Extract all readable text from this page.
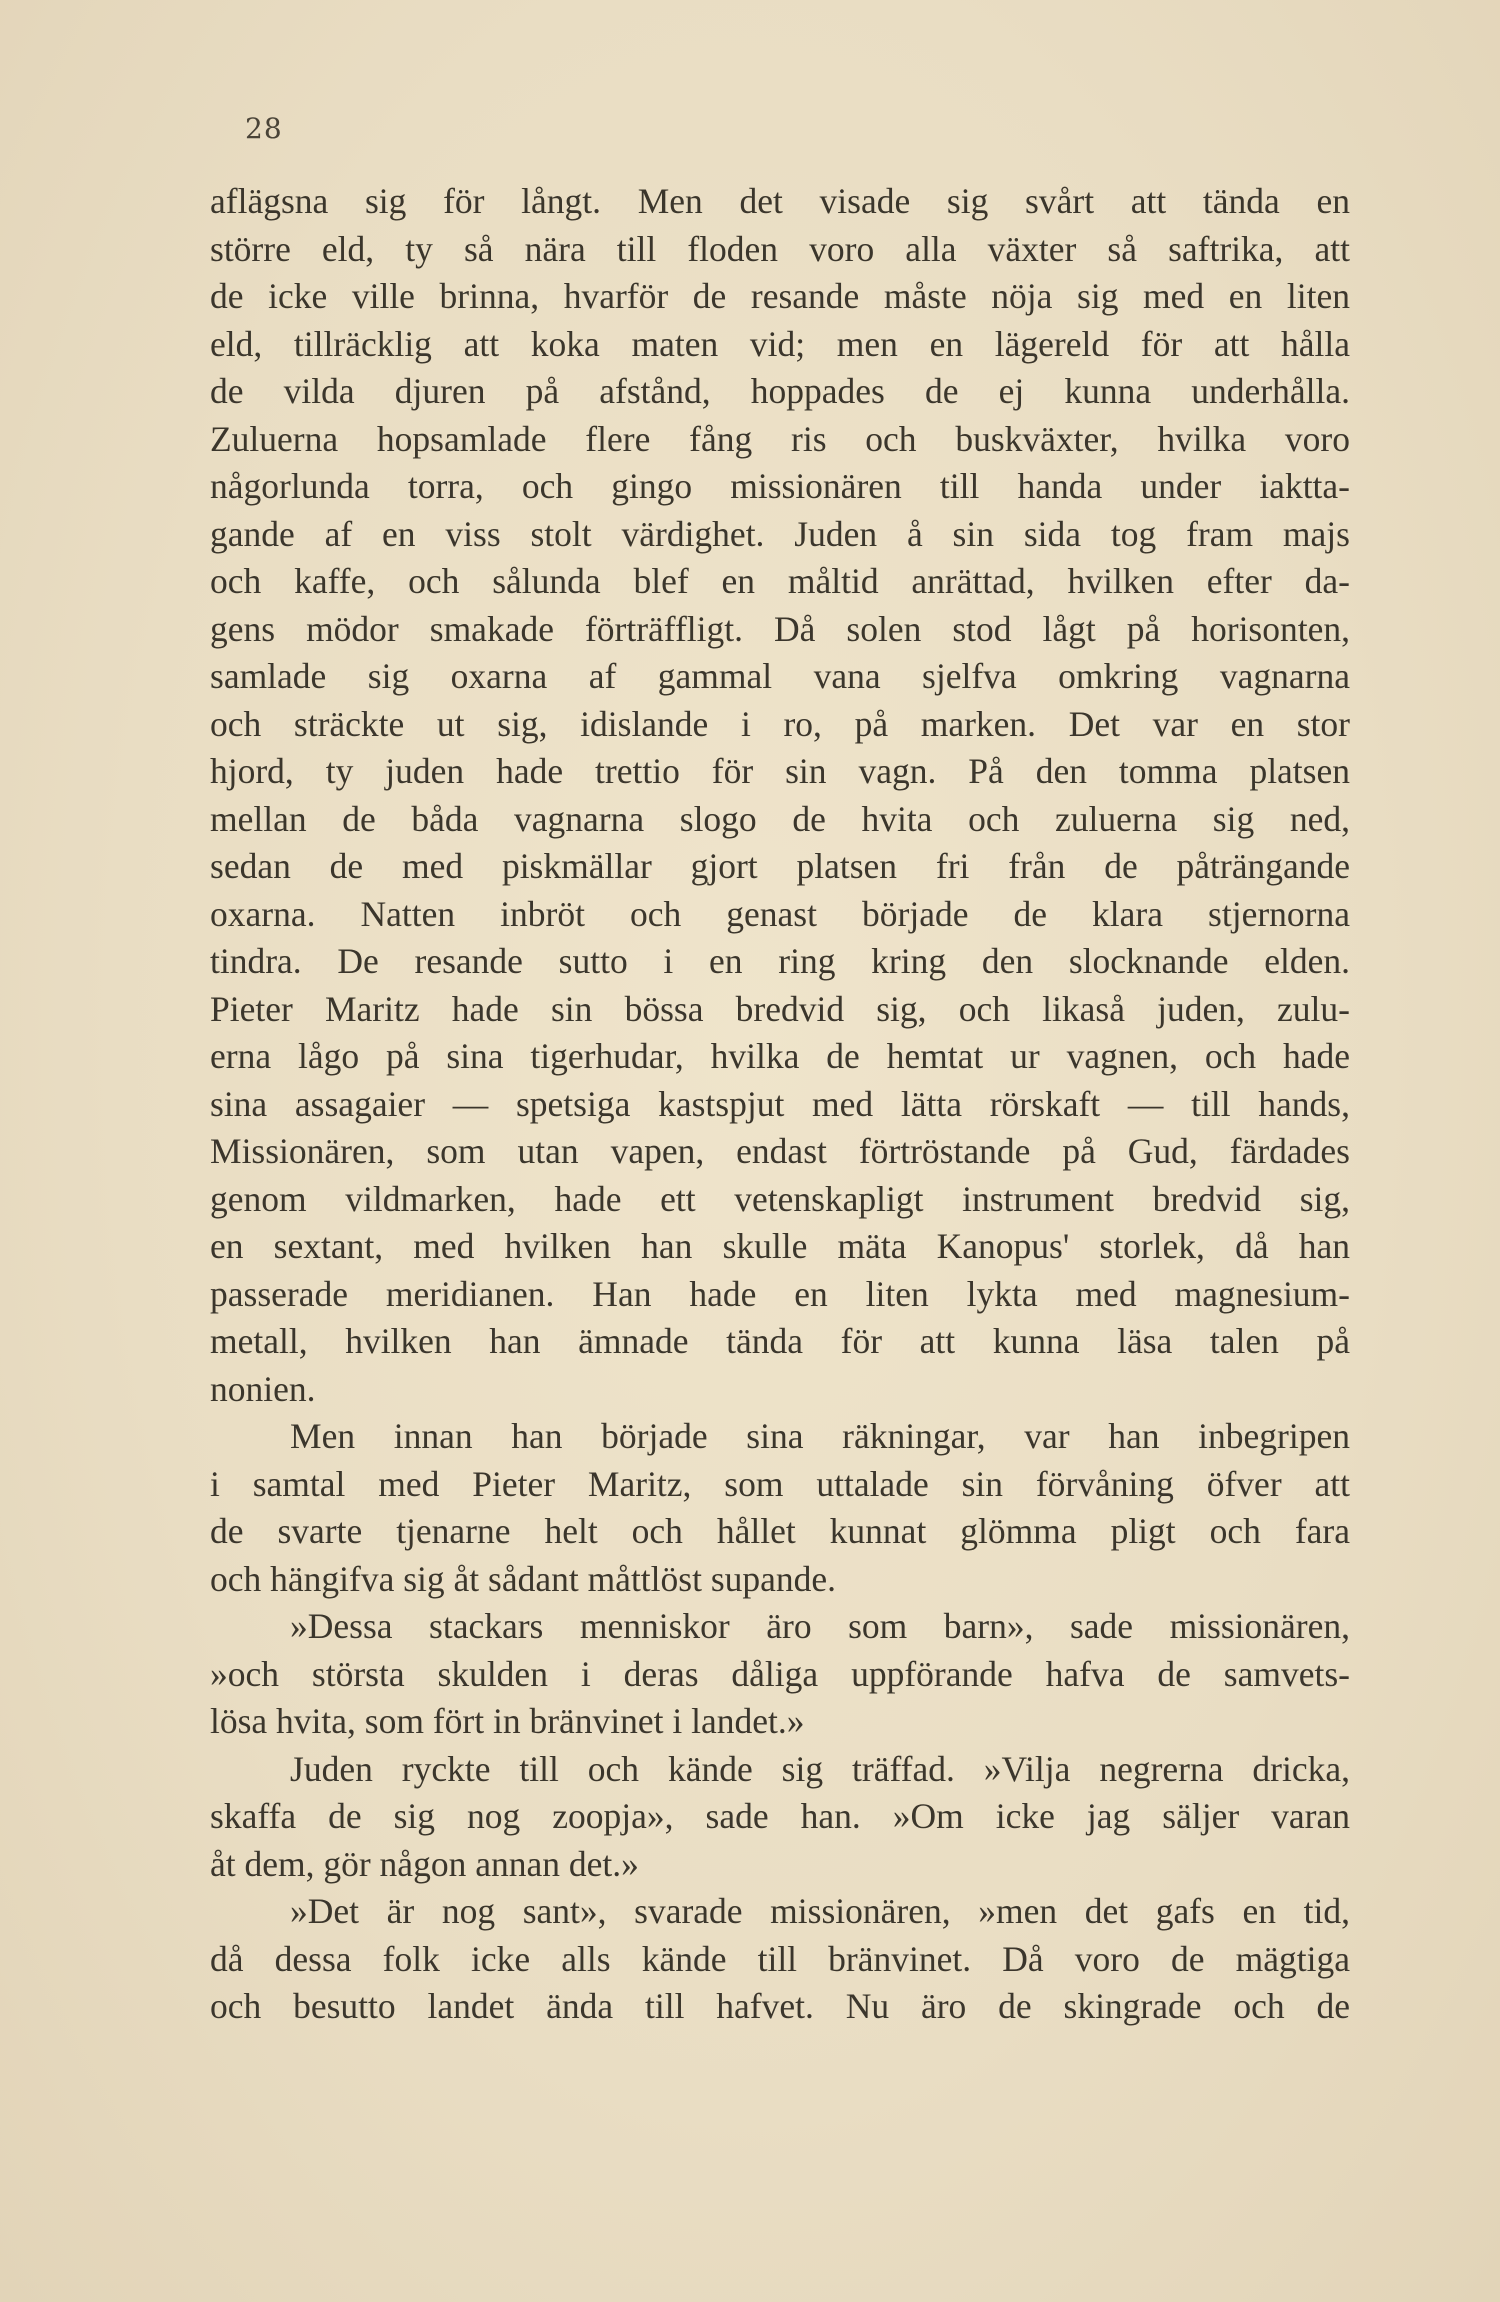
28
aflägsna sig för långt. Men det visade sig svårt att tända en
större eld, ty så nära till floden voro alla växter så saftrika, att
de icke ville brinna, hvarför de resande måste nöja sig med en liten
eld, tillräcklig att koka maten vid; men en lägereld för att hålla
de vilda djuren på afstånd, hoppades de ej kunna underhålla.
Zuluerna hopsamlade flere fång ris och buskväxter, hvilka voro
någorlunda torra, och gingo missionären till handa under iaktta-
gande af en viss stolt värdighet. Juden å sin sida tog fram majs
och kaffe, och sålunda blef en måltid anrättad, hvilken efter da-
gens mödor smakade förträffligt. Då solen stod lågt på horisonten,
samlade sig oxarna af gammal vana sjelfva omkring vagnarna
och sträckte ut sig, idislande i ro, på marken. Det var en stor
hjord, ty juden hade trettio för sin vagn. På den tomma platsen
mellan de båda vagnarna slogo de hvita och zuluerna sig ned,
sedan de med piskmällar gjort platsen fri från de påträngande
oxarna. Natten inbröt och genast började de klara stjernorna
tindra. De resande sutto i en ring kring den slocknande elden.
Pieter Maritz hade sin bössa bredvid sig, och likaså juden, zulu-
erna lågo på sina tigerhudar, hvilka de hemtat ur vagnen, och hade
sina assagaier — spetsiga kastspjut med lätta rörskaft — till hands,
Missionären, som utan vapen, endast förtröstande på Gud, färdades
genom vildmarken, hade ett vetenskapligt instrument bredvid sig,
en sextant, med hvilken han skulle mäta Kanopus' storlek, då han
passerade meridianen. Han hade en liten lykta med magnesium-
metall, hvilken han ämnade tända för att kunna läsa talen på
nonien.
Men innan han började sina räkningar, var han inbegripen
i samtal med Pieter Maritz, som uttalade sin förvåning öfver att
de svarte tjenarne helt och hållet kunnat glömma pligt och fara
och hängifva sig åt sådant måttlöst supande.
»Dessa stackars menniskor äro som barn», sade missionären,
»och största skulden i deras dåliga uppförande hafva de samvets-
lösa hvita, som fört in bränvinet i landet.»
Juden ryckte till och kände sig träffad. »Vilja negrerna dricka,
skaffa de sig nog zoopja», sade han. »Om icke jag säljer varan
åt dem, gör någon annan det.»
»Det är nog sant», svarade missionären, »men det gafs en tid,
då dessa folk icke alls kände till bränvinet. Då voro de mägtiga
och besutto landet ända till hafvet. Nu äro de skingrade och de
